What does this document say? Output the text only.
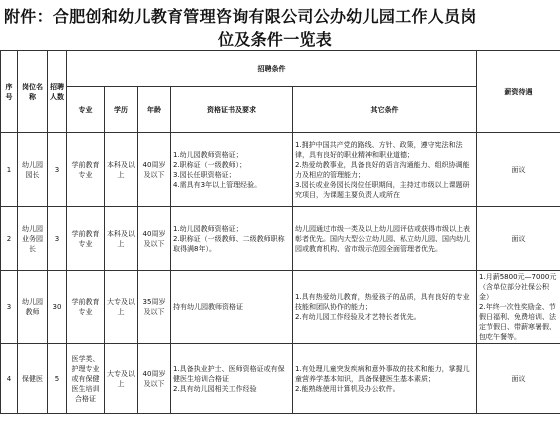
附件：合肥创和幼儿教育管理咨询有限公司公办幼儿园工作人员岗
位及条件一览表
序号	岗位名称	招聘人数	招聘条件					薪资待遇
			专业	学历	年龄	资格证书及要求	其它条件	
1	幼儿园园长	3	学前教育专业	本科及以上	40周岁及以下	1.幼儿园教师资格证；
2.职称证（一级教师）；
3.园长任职资格证；
4.需具有3年以上管理经验。	1.拥护中国共产党的路线、方针、政策，遵守宪法和法律，具有良好的职业精神和职业道德；
2.热爱幼教事业，具备良好的语言沟通能力、组织协调能力及相应的管理能力；
3.园长或业务园长岗位任职期间，主持过市级以上课题研究项目，为课题主要负责人或所在	面议
2	幼儿园业务园长	3	学前教育专业	本科及以上	40周岁及以下	1.幼儿园教师资格证；
2.职称证（一级教师、二级教师职称取得满8年）。	幼儿园通过市级一类及以上幼儿园评估或获得市级以上表彰者优先。国内大型公立幼儿园、私立幼儿园、国内幼儿园或教育机构、省市级示范园全面管理者优先。	面议
3	幼儿园教师	30	学前教育专业	大专及以上	35周岁及以下	持有幼儿园教师资格证	1.具有热爱幼儿教育，热爱孩子的品质，具有良好的专业技能和团队协作的能力；
2.有幼儿园工作经验及才艺特长者优先。	1.月薪5800元—7000元（含单位部分社保公积金）
2.年终一次性奖励金、节假日福利、免费培训、法定节假日、带薪寒暑假、包吃午餐等。
4	保健医	5	医学类、护理专业或有保健医生培训合格证	大专及以上	40周岁及以下	1.具备执业护士、医师资格证或有保健医生培训合格证
2.具有幼儿园相关工作经验	1.有处理儿童突发疾病和意外事故的技术和能力，掌握儿童营养学基本知识，具备保健医生基本素质；
2.能熟练使用计算机及办公软件。	面议
